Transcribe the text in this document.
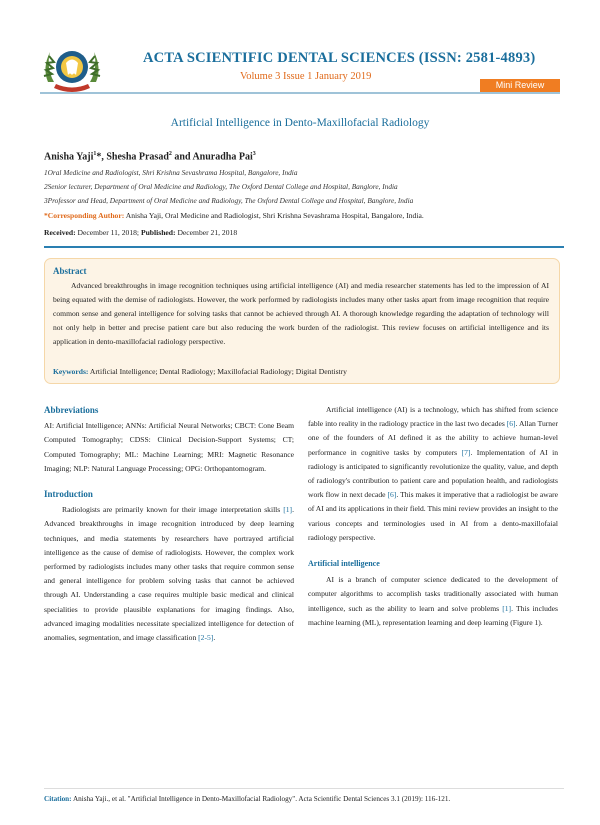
ACTA SCIENTIFIC DENTAL SCIENCES (ISSN: 2581-4893)
Volume 3 Issue 1 January 2019
Mini Review
Artificial Intelligence in Dento-Maxillofacial Radiology
Anisha Yaji$^1$*, Shesha Prasad$^2$ and Anuradha Pai$^3$
1Oral Medicine and Radiologist, Shri Krishna Sevashrama Hospital, Bangalore, India
2Senior lecturer, Department of Oral Medicine and Radiology, The Oxford Dental College and Hospital, Banglore, India
3Professor and Head, Department of Oral Medicine and Radiology, The Oxford Dental College and Hospital, Banglore, India
*Corresponding Author: Anisha Yaji, Oral Medicine and Radiologist, Shri Krishna Sevashrama Hospital, Bangalore, India.
Received: December 11, 2018; Published: December 21, 2018
Abstract
Advanced breakthroughs in image recognition techniques using artificial intelligence (AI) and media researcher statements has led to the impression of AI being equated with the demise of radiologists. However, the work performed by radiologists includes many other tasks apart from image recognition that require common sense and general intelligence for solving tasks that cannot be achieved through AI. A thorough knowledge regarding the adaptation of technology will not only help in better and precise patient care but also reducing the work burden of the radiologist. This review focuses on artificial intelligence and its application in dento-maxillofacial radiology perspective.
Keywords: Artificial Intelligence; Dental Radiology; Maxillofacial Radiology; Digital Dentistry
Abbreviations

AI: Artificial Intelligence; ANNs: Artificial Neural Networks; CBCT: Cone Beam Computed Tomography; CDSS: Clinical Decision-Support Systems; CT; Computed Tomography; ML: Machine Learning; MRI: Magnetic Resonance Imaging; NLP: Natural Language Processing; OPG: Orthopantomogram.

Introduction

Radiologists are primarily known for their image interpretation skills [1]. Advanced breakthroughs in image recognition introduced by deep learning techniques, and media statements by researchers have portrayed artificial intelligence as the cause of demise of radiologists. However, the complex work performed by radiologists includes many other tasks that require common sense and general intelligence for problem solving tasks that cannot be achieved through AI. Understanding a case requires multiple basic medical and clinical specialities to provide plausible explanations for imaging findings. Also, advanced imaging modalities necessitate specialized intelligence for detection of anomalies, segmentation, and image classification [2-5].

Artificial intelligence (AI) is a technology, which has shifted from science fable into reality in the radiology practice in the last two decades [6]. Allan Turner one of the founders of AI defined it as the ability to achieve human-level performance in cognitive tasks by computers [7]. Implementation of AI in radiology is anticipated to significantly revolutionize the quality, value, and depth of radiology's contribution to patient care and population health, and radiologists work flow in next decade [6]. This makes it imperative that a radiologist be aware of AI and its applications in their field. This mini review provides an insight to the various concepts and terminologies used in AI from a dento-maxillofaial radiology perspective.

Artificial intelligence

AI is a branch of computer science dedicated to the development of computer algorithms to accomplish tasks traditionally associated with human intelligence, such as the ability to learn and solve problems [1]. This includes machine learning (ML), representation learning and deep learning (Figure 1).

Citation: Anisha Yaji., et al. "Artificial Intelligence in Dento-Maxillofacial Radiology". Acta Scientific Dental Sciences 3.1 (2019): 116-121.
